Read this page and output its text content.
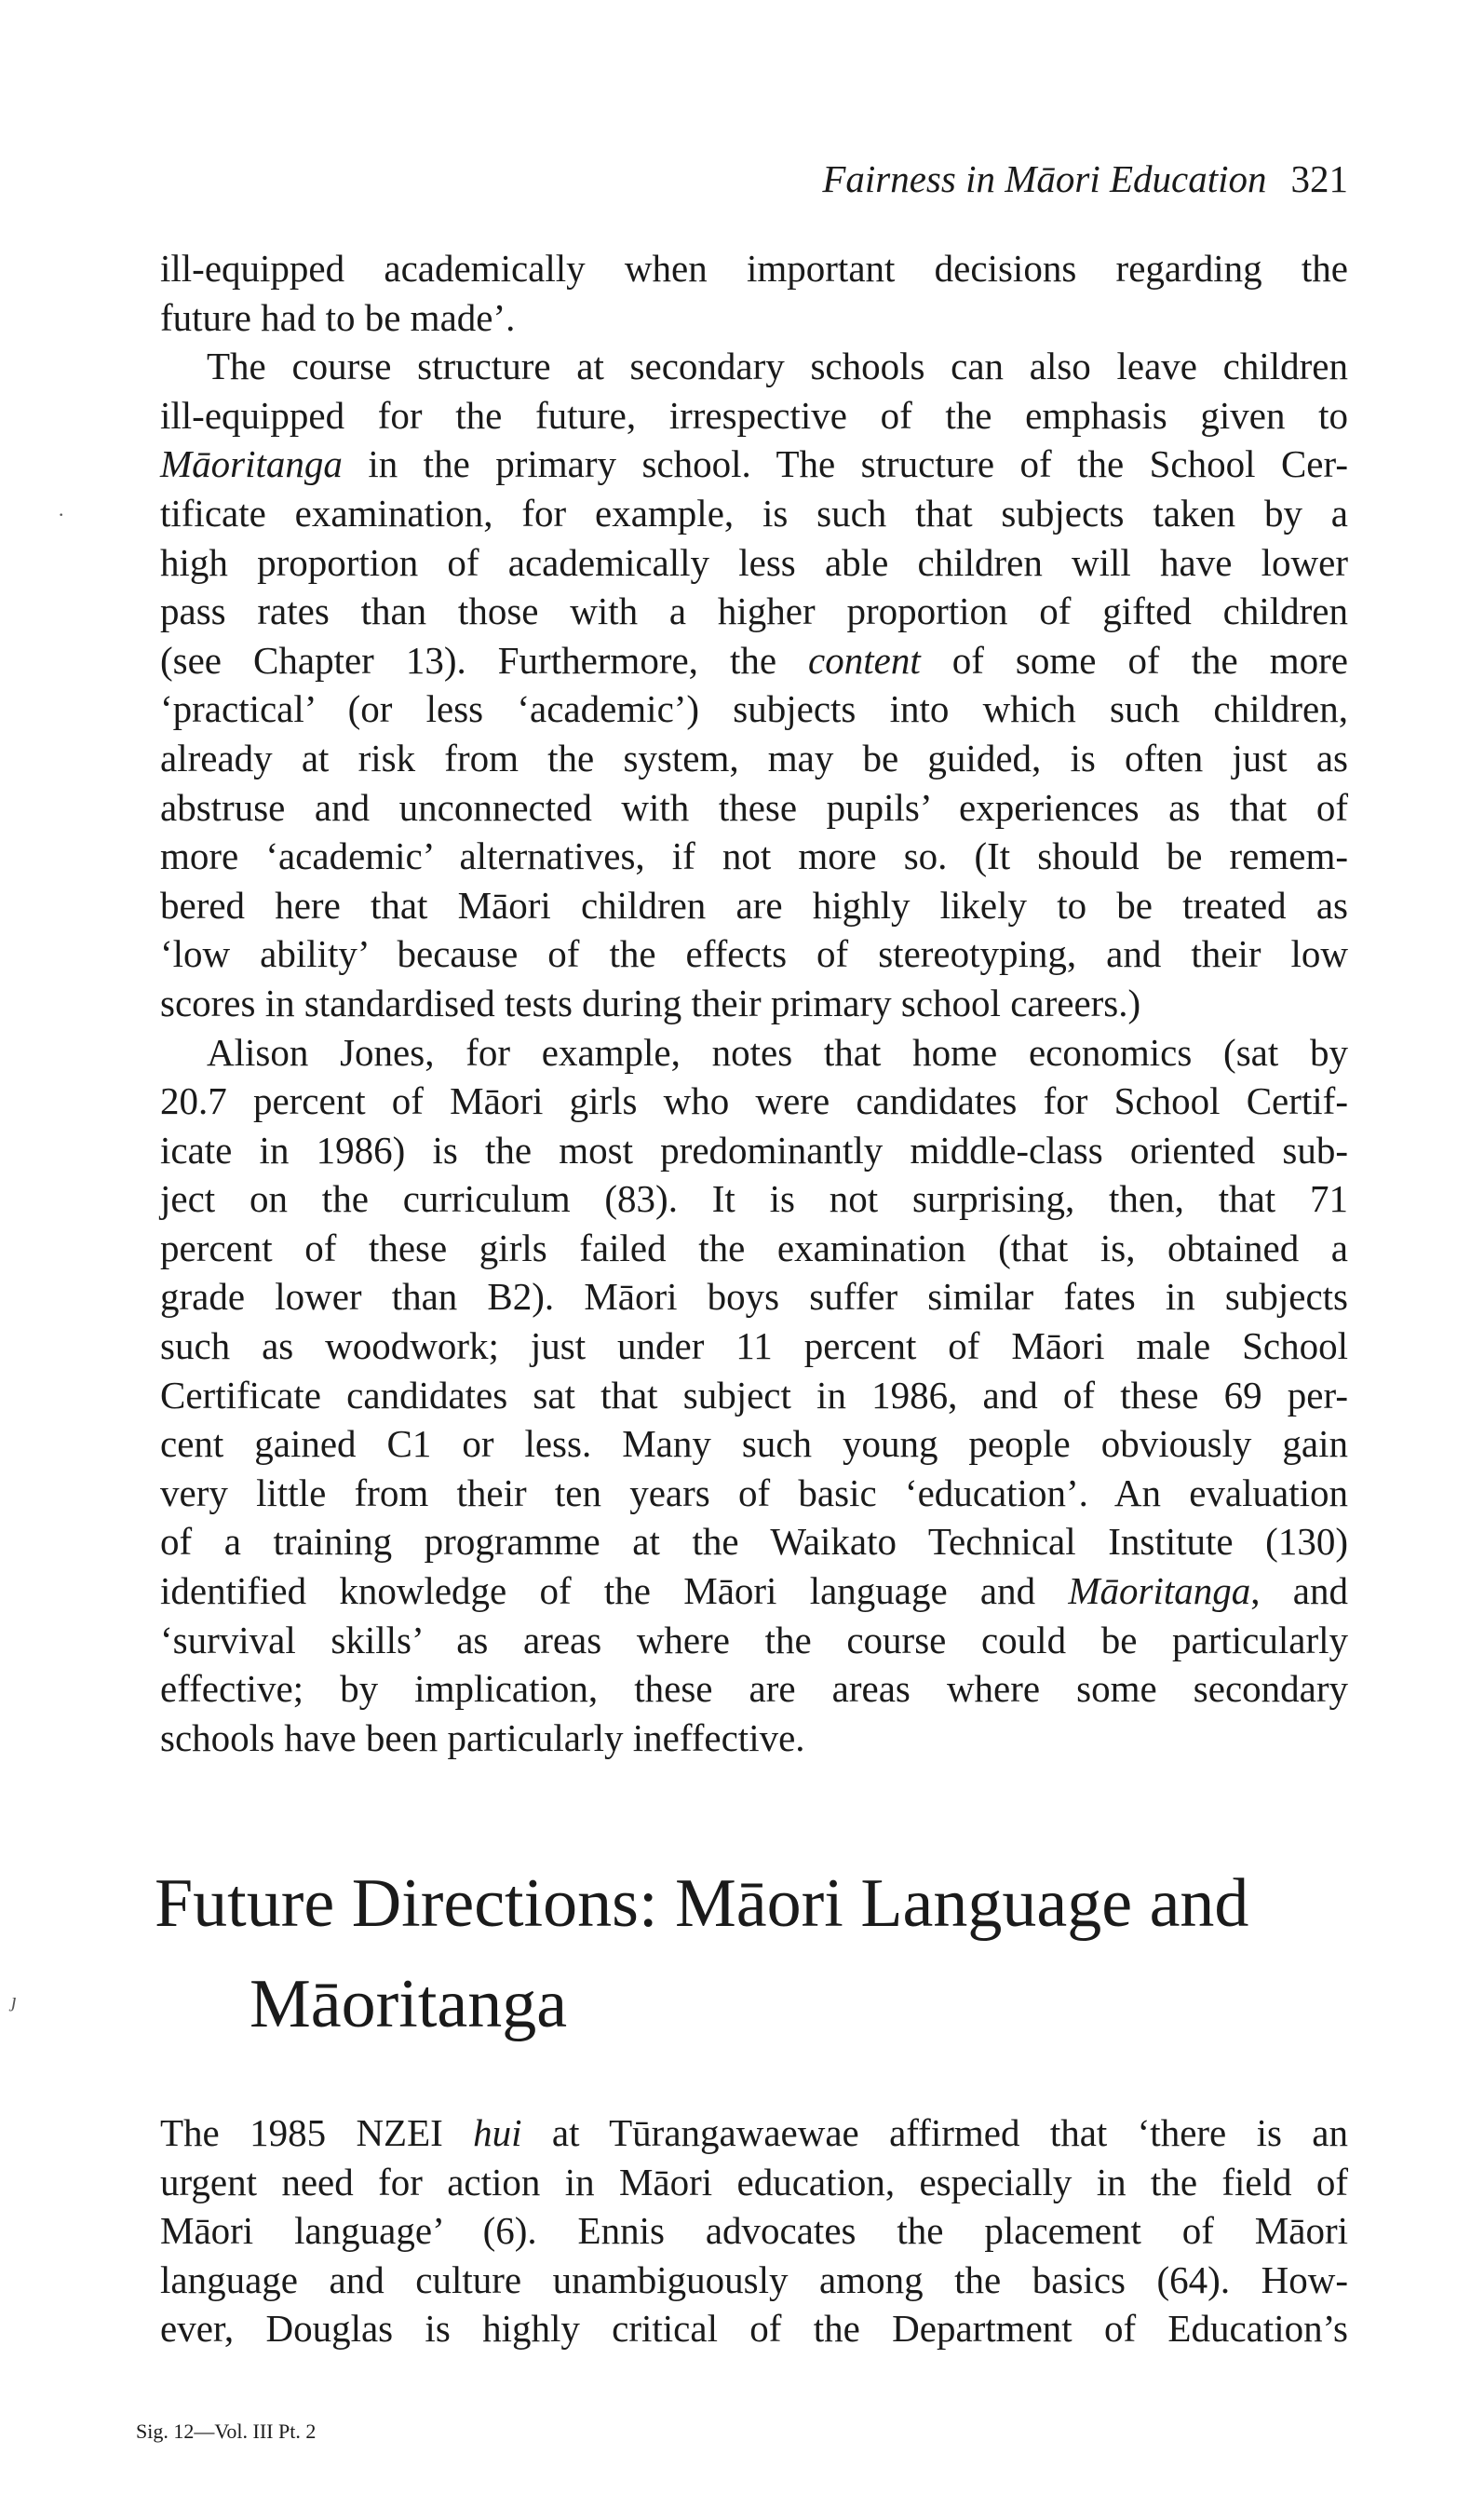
Fairness in Māori Education 321
ill-equipped academically when important decisions regarding the
future had to be made’.
The course structure at secondary schools can also leave children
ill-equipped for the future, irrespective of the emphasis given to
Māoritanga in the primary school. The structure of the School Cer-
tificate examination, for example, is such that subjects taken by a
high proportion of academically less able children will have lower
pass rates than those with a higher proportion of gifted children
(see Chapter 13). Furthermore, the content of some of the more
‘practical’ (or less ‘academic’) subjects into which such children,
already at risk from the system, may be guided, is often just as
abstruse and unconnected with these pupils’ experiences as that of
more ‘academic’ alternatives, if not more so. (It should be remem-
bered here that Māori children are highly likely to be treated as
‘low ability’ because of the effects of stereotyping, and their low
scores in standardised tests during their primary school careers.)
Alison Jones, for example, notes that home economics (sat by
20.7 percent of Māori girls who were candidates for School Certif-
icate in 1986) is the most predominantly middle-class oriented sub-
ject on the curriculum (83). It is not surprising, then, that 71
percent of these girls failed the examination (that is, obtained a
grade lower than B2). Māori boys suffer similar fates in subjects
such as woodwork; just under 11 percent of Māori male School
Certificate candidates sat that subject in 1986, and of these 69 per-
cent gained C1 or less. Many such young people obviously gain
very little from their ten years of basic ‘education’. An evaluation
of a training programme at the Waikato Technical Institute (130)
identified knowledge of the Māori language and Māoritanga, and
‘survival skills’ as areas where the course could be particularly
effective; by implication, these are areas where some secondary
schools have been particularly ineffective.
Future Directions: Māori Language and
Māoritanga
The 1985 NZEI hui at Tūrangawaewae affirmed that ‘there is an
urgent need for action in Māori education, especially in the field of
Māori language’ (6). Ennis advocates the placement of Māori
language and culture unambiguously among the basics (64). How-
ever, Douglas is highly critical of the Department of Education’s
Sig. 12—Vol. III Pt. 2
·
ȷ
